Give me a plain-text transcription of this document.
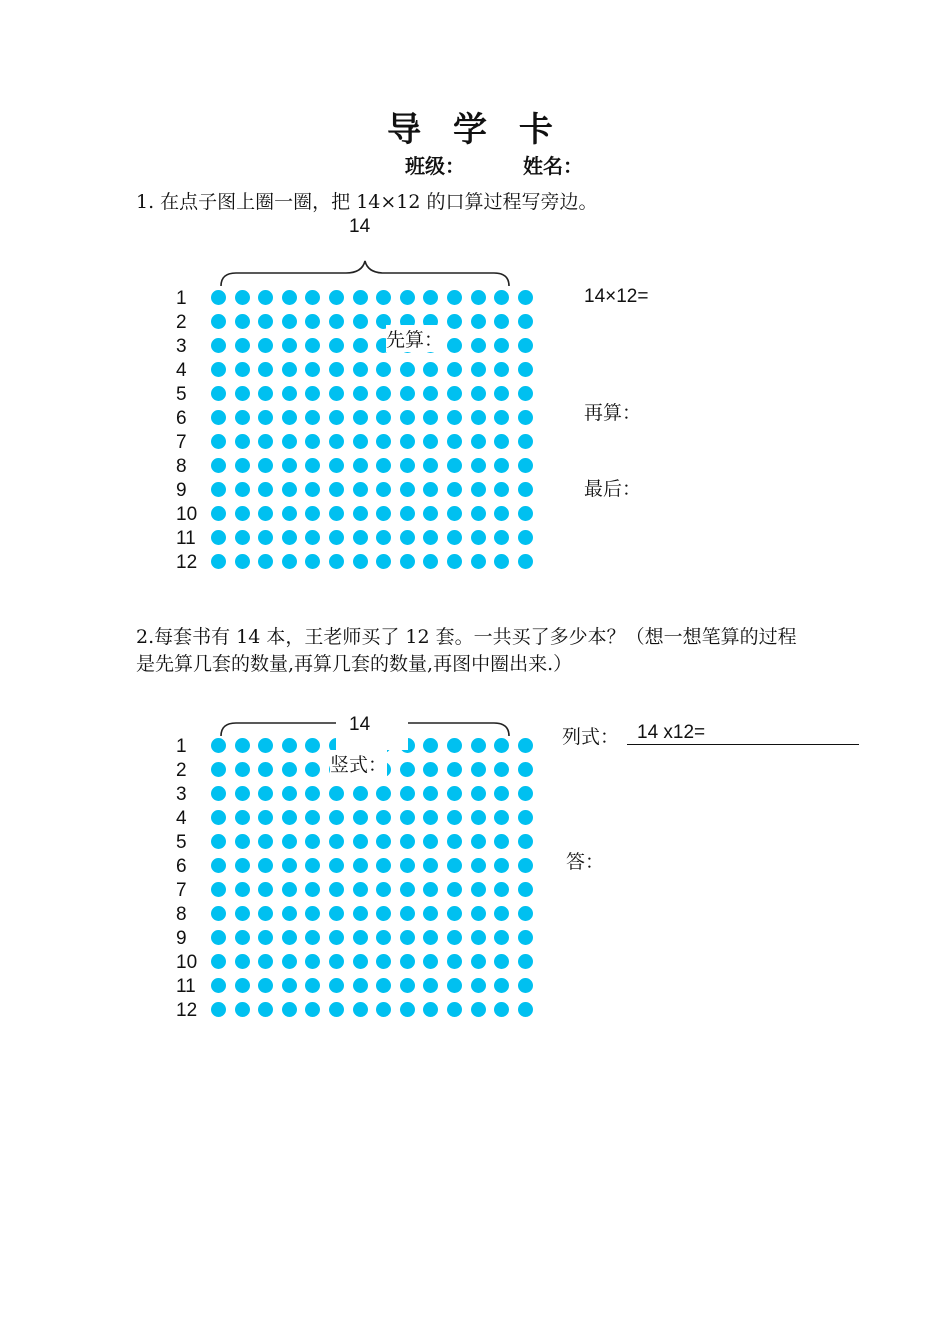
导 学 卡
班级：	姓名：
1. 在点子图上圈一圈，把 14×12 的口算过程写旁边。
14
1
2
3
4
5
6
7
8
9
10
11
12
先算：
14×12=
再算：
最后：
2.每套书有 14 本，王老师买了 12 套。一共买了多少本？（想一想笔算的过程
是先算几套的数量,再算几套的数量,再图中圈出来.）
1
2
3
4
5
6
7
8
9
10
11
12
竖式：
14
列式： 14 x12=
答：
